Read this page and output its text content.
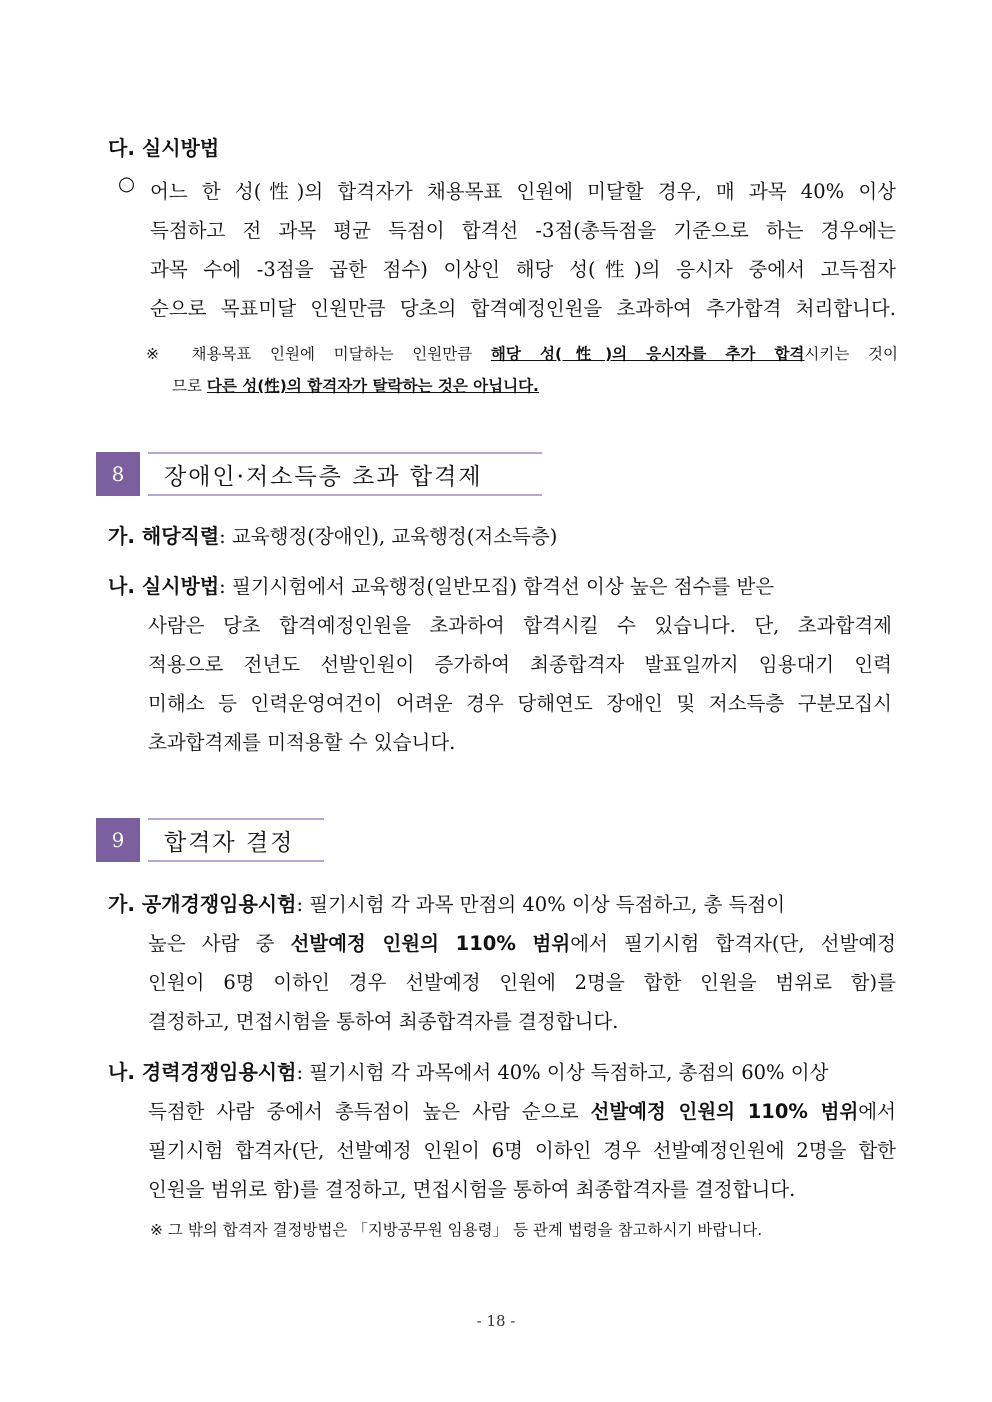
다. 실시방법
○ 어느 한 성(性)의 합격자가 채용목표 인원에 미달할 경우, 매 과목 40% 이상
득점하고 전 과목 평균 득점이 합격선 -3점(총득점을 기준으로 하는 경우에는
과목 수에 -3점을 곱한 점수) 이상인 해당 성(性)의 응시자 중에서 고득점자
순으로 목표미달 인원만큼 당초의 합격예정인원을 초과하여 추가합격 처리합니다.
※ 채용목표 인원에 미달하는 인원만큼 해당 성(性)의 응시자를 추가 합격시키는 것이
므로 다른 성(性)의 합격자가 탈락하는 것은 아닙니다.
8	장애인·저소득층 초과 합격제
가. 해당직렬: 교육행정(장애인), 교육행정(저소득층)
나. 실시방법: 필기시험에서 교육행정(일반모집) 합격선 이상 높은 점수를 받은
사람은 당초 합격예정인원을 초과하여 합격시킬 수 있습니다. 단, 초과합격제
적용으로 전년도 선발인원이 증가하여 최종합격자 발표일까지 임용대기 인력
미해소 등 인력운영여건이 어려운 경우 당해연도 장애인 및 저소득층 구분모집시
초과합격제를 미적용할 수 있습니다.
9	합격자 결정
가. 공개경쟁임용시험: 필기시험 각 과목 만점의 40% 이상 득점하고, 총 득점이
높은 사람 중 선발예정 인원의 110% 범위에서 필기시험 합격자(단, 선발예정
인원이 6명 이하인 경우 선발예정 인원에 2명을 합한 인원을 범위로 함)를
결정하고, 면접시험을 통하여 최종합격자를 결정합니다.
나. 경력경쟁임용시험: 필기시험 각 과목에서 40% 이상 득점하고, 총점의 60% 이상
득점한 사람 중에서 총득점이 높은 사람 순으로 선발예정 인원의 110% 범위에서
필기시험 합격자(단, 선발예정 인원이 6명 이하인 경우 선발예정인원에 2명을 합한
인원을 범위로 함)를 결정하고, 면접시험을 통하여 최종합격자를 결정합니다.
※ 그 밖의 합격자 결정방법은 「지방공무원 임용령」 등 관계 법령을 참고하시기 바랍니다.
- 18 -
